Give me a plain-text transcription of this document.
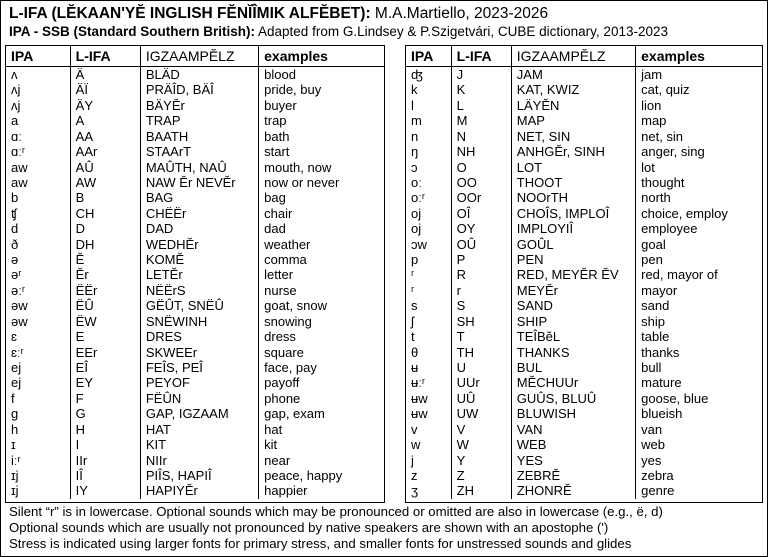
L-IFA (LĔKAAN'YĔ INGLISH FĔNĬÎMIK ALFĔBET): M.A.Martiello, 2023-2026
IPA - SSB (Standard Southern British): Adapted from G.Lindsey & P.Szigetvári, CUBE dictionary, 2013-2023
IPA	L-IFA	IGZAAMPĔLZ	examples
ʌ	Ä	BLÄD	blood
ʌj	ÄÏ	PRÄÎD, BÄÎ	pride, buy
ʌj	ÄY	BÄYĔr	buyer
a	A	TRAP	trap
ɑː	AA	BAATH	bath
ɑːʳ	AAr	STAArT	start
aw	AÛ	MAÛTH, NAÛ	mouth, now
aw	AW	NAW Ĕr NEVĔr	now or never
b	B	BAG	bag
ʧ	CH	CHËËr	chair
d	D	DAD	dad
ð	DH	WEDHĔr	weather
ə	Ĕ	KOMĔ	comma
əʳ	Ĕr	LETĔr	letter
əːʳ	ËËr	NËËrS	nurse
əw	ËÛ	GËÛT, SNËÛ	goat, snow
əw	ËW	SNËWINH	snowing
ɛ	E	DRES	dress
ɛːʳ	EEr	SKWEEr	square
ej	EÎ	FEÎS, PEÎ	face, pay
ej	EY	PEYOF	payoff
f	F	FËÛN	phone
g	G	GAP, IGZAAM	gap, exam
h	H	HAT	hat
ɪ	I	KIT	kit
iːʳ	IIr	NIIr	near
ɪj	IÎ	PIÎS, HAPIÎ	peace, happy
ɪj	IY	HAPIYĔr	happier
IPA	L-IFA	IGZAAMPĔLZ	examples
ʤ	J	JAM	jam
k	K	KAT, KWIZ	cat, quiz
l	L	LÄYĔN	lion
m	M	MAP	map
n	N	NET, SIN	net, sin
ŋ	NH	ANHGĔr, SINH	anger, sing
ɔ	O	LOT	lot
oː	OO	THOOT	thought
oːʳ	OOr	NOOrTH	north
oj	OÎ	CHOÎS, IMPLOÎ	choice, employ
oj	OY	IMPLOYIÎ	employee
ɔw	OÛ	GOÛL	goal
p	P	PEN	pen
ʳ	R	RED, MEYĔR ĔV	red, mayor of
ʳ	r	MEYĔr	mayor
s	S	SAND	sand
ʃ	SH	SHIP	ship
t	T	TEÎBĕL	table
θ	TH	THANKS	thanks
ʉ	U	BUL	bull
ʉːʳ	UUr	MĔCHUUr	mature
ʉw	UÛ	GUÛS, BLUÛ	goose, blue
ʉw	UW	BLUWISH	blueish
v	V	VAN	van
w	W	WEB	web
j	Y	YES	yes
z	Z	ZEBRĔ	zebra
ʒ	ZH	ZHONRĔ	genre
Silent “r” is in lowercase. Optional sounds which may be pronounced or omitted are also in lowercase (e.g., ë, d)
Optional sounds which are usually not pronounced by native speakers are shown with an apostophe (')
Stress is indicated using larger fonts for primary stress, and smaller fonts for unstressed sounds and glides
